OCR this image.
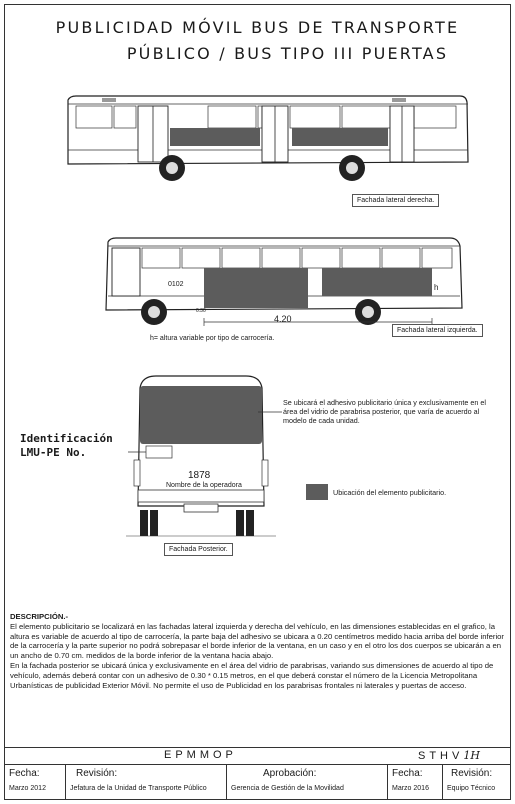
PUBLICIDAD MÓVIL BUS DE TRANSPORTE
PÚBLICO / BUS TIPO III PUERTAS
Fachada lateral derecha.
0102	h
0.30
4.20
h= altura variable por tipo de carrocería.
Fachada lateral izquierda.
1878
Nombre de la operadora
Fachada Posterior.
Identificación
LMU-PE No.
Se ubicará el adhesivo publicitario única y exclusivamente en el área del vidrio de parabrisa posterior, que varía de acuerdo al modelo de cada unidad.
Ubicación del elemento publicitario.
DESCRIPCIÓN.-
El elemento publicitario se localizará en las fachadas lateral izquierda y derecha del vehículo, en las dimensiones establecidas en el grafico, la altura es variable de acuerdo al tipo de carrocería, la parte baja del adhesivo se ubicara a 0.20 centímetros medido hacia arriba del borde inferior de la carrocería y la parte superior no podrá sobrepasar el borde inferior de la ventana, en un caso y en el otro los dos cuerpos se ubicarán a en un ancho de 0.70 cm. medidos de la borde inferior de la ventana hacia abajo.
En la fachada posterior se ubicará única y exclusivamente en el área del vidrio de parabrisas, variando sus dimensiones de acuerdo al tipo de vehículo, además deberá contar con un adhesivo de 0.30 * 0.15 metros, en el que deberá constar el número de la Licencia Metropolitana Urbanísticas de publicidad Exterior Móvil. No permite el uso de Publicidad en los parabrisas frontales ni laterales y puertas de acceso.
EPMMOP	STHV1H
Fecha:
Marzo 2012
Revisión:
Jefatura de la Unidad de Transporte Público
Aprobación:
Gerencia de Gestión de la Movilidad
Fecha:
Marzo 2016
Revisión:
Equipo Técnico
